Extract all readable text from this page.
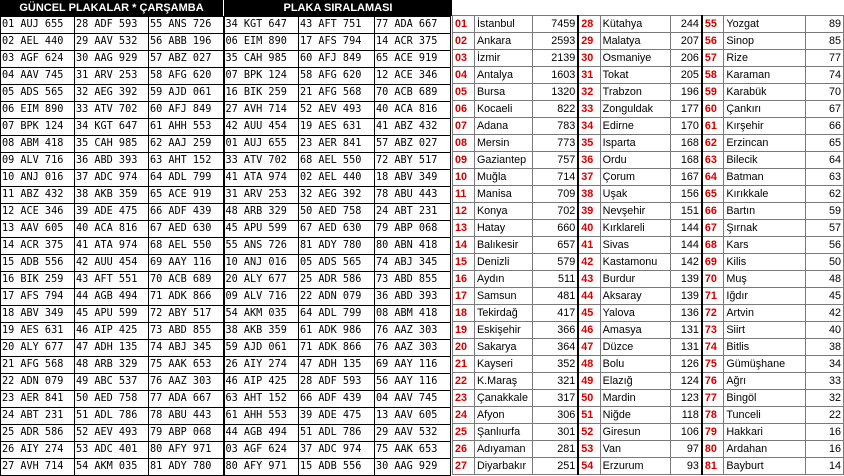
GÜNCEL PLAKALAR * ÇARŞAMBA	PLAKA SIRALAMASI
01 AUJ 655	28 ADF 593	55 ANS 726	34 KGT 647	43 AFT 751	77 ADA 667
02 AEL 440	29 AAV 532	56 ABB 196	06 EIM 890	17 AFS 794	14 ACR 375
03 AGF 624	30 AAG 929	57 ABZ 027	35 CAH 985	60 AFJ 849	65 ACE 919
04 AAV 745	31 ARV 253	58 AFG 620	07 BPK 124	58 AFG 620	12 ACE 346
05 ADS 565	32 AEG 392	59 AJD 061	16 BIK 259	21 AFG 568	70 ACB 689
06 EIM 890	33 ATV 702	60 AFJ 849	27 AVH 714	52 AEV 493	40 ACA 816
07 BPK 124	34 KGT 647	61 AHH 553	42 AUU 454	19 AES 631	41 ABZ 432
08 ABM 418	35 CAH 985	62 AAJ 259	01 AUJ 655	23 AER 841	57 ABZ 027
09 ALV 716	36 ABD 393	63 AHT 152	33 ATV 702	68 AEL 550	72 ABY 517
10 ANJ 016	37 ADC 974	64 ADL 799	41 ATA 974	02 AEL 440	18 ABV 349
11 ABZ 432	38 AKB 359	65 ACE 919	31 ARV 253	32 AEG 392	78 ABU 443
12 ACE 346	39 ADE 475	66 ADF 439	48 ARB 329	50 AED 758	24 ABT 231
13 AAV 605	40 ACA 816	67 AED 630	45 APU 599	67 AED 630	79 ABP 068
14 ACR 375	41 ATA 974	68 AEL 550	55 ANS 726	81 ADY 780	80 ABN 418
15 ADB 556	42 AUU 454	69 AAY 116	10 ANJ 016	05 ADS 565	74 ABJ 345
16 BIK 259	43 AFT 551	70 ACB 689	20 ALY 677	25 ADR 586	73 ABD 855
17 AFS 794	44 AGB 494	71 ADK 866	09 ALV 716	22 ADN 079	36 ABD 393
18 ABV 349	45 APU 599	72 ABY 517	54 AKM 035	64 ADL 799	08 ABM 418
19 AES 631	46 AIP 425	73 ABD 855	38 AKB 359	61 ADK 986	76 AAZ 303
20 ALY 677	47 ADH 135	74 ABJ 345	59 AJD 061	71 ADK 866	76 AAZ 303
21 AFG 568	48 ARB 329	75 AAK 653	26 AIY 274	47 ADH 135	69 AAY 116
22 ADN 079	49 ABC 537	76 AAZ 303	46 AIP 425	28 ADF 593	56 AAY 116
23 AER 841	50 AED 758	77 ADA 667	63 AHT 152	66 ADF 439	04 AAV 745
24 ABT 231	51 ADL 786	78 ABU 443	61 AHH 553	39 ADE 475	13 AAV 605
25 ADR 586	52 AEV 493	79 ABP 068	44 AGB 494	51 ADL 786	29 AAV 532
26 AIY 274	53 ADC 401	80 AFY 971	03 AGF 624	37 ADC 974	75 AAK 653
27 AVH 714	54 AKM 035	81 ADY 780	80 AFY 971	15 ADB 556	30 AAG 929
01	İstanbul	7459	28	Kütahya	244	55	Yozgat	89
02	Ankara	2593	29	Malatya	207	56	Sinop	85
03	İzmir	2139	30	Osmaniye	206	57	Rize	77
04	Antalya	1603	31	Tokat	205	58	Karaman	74
05	Bursa	1320	32	Trabzon	196	59	Karabük	70
06	Kocaeli	822	33	Zonguldak	177	60	Çankırı	67
07	Adana	783	34	Edirne	170	61	Kırşehir	66
08	Mersin	773	35	Isparta	168	62	Erzincan	65
09	Gaziantep	757	36	Ordu	168	63	Bilecik	64
10	Muğla	714	37	Çorum	167	64	Batman	63
11	Manisa	709	38	Uşak	156	65	Kırıkkale	62
12	Konya	702	39	Nevşehir	151	66	Bartın	59
13	Hatay	660	40	Kırklareli	144	67	Şırnak	57
14	Balıkesir	657	41	Sivas	144	68	Kars	56
15	Denizli	579	42	Kastamonu	142	69	Kilis	50
16	Aydın	511	43	Burdur	139	70	Muş	48
17	Samsun	481	44	Aksaray	139	71	Iğdır	45
18	Tekirdağ	417	45	Yalova	136	72	Artvin	42
19	Eskişehir	366	46	Amasya	131	73	Siirt	40
20	Sakarya	364	47	Düzce	131	74	Bitlis	38
21	Kayseri	352	48	Bolu	126	75	Gümüşhane	34
22	K.Maraş	321	49	Elazığ	124	76	Ağrı	33
23	Çanakkale	317	50	Mardin	123	77	Bingöl	32
24	Afyon	306	51	Niğde	118	78	Tunceli	22
25	Şanlıurfa	301	52	Giresun	106	79	Hakkari	16
26	Adıyaman	281	53	Van	97	80	Ardahan	16
27	Diyarbakır	251	54	Erzurum	93	81	Bayburt	14
